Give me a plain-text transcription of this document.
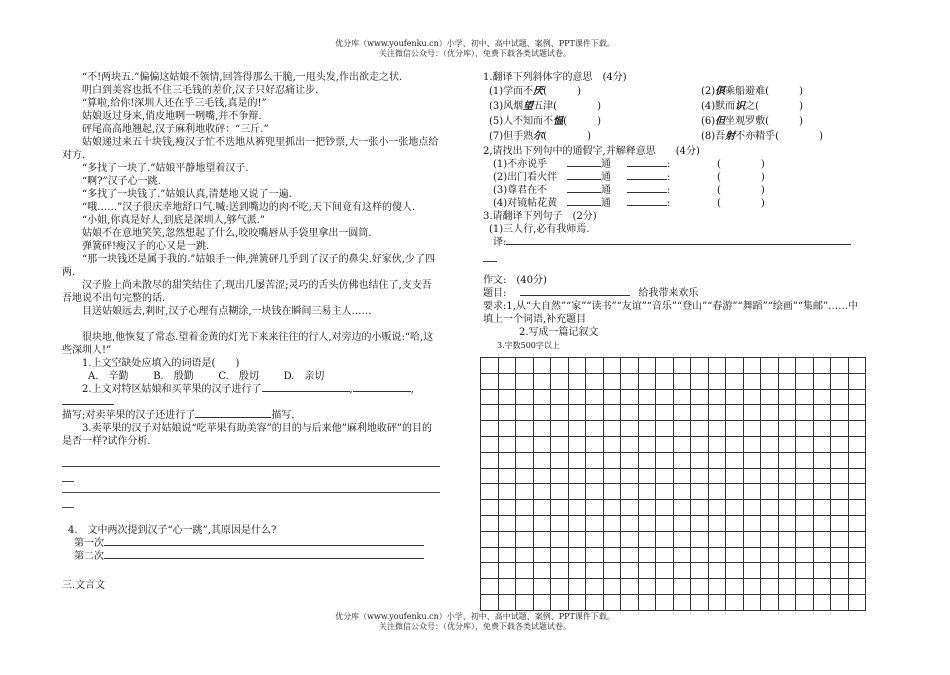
优分库（www.youfenku.cn）小学、初中、高中试题、案例、PPT课件下载。
关注微信公众号：（优分库），免费下载各类试题试卷。

“不!两块五.”偏偏这姑娘不领情,回答得那么干脆,一甩头发,作出欲走之状.

明白到美容也抵不住三毛钱的差价,汉子只好忍痛让步.

“算啦,给你!深圳人还在乎三毛钱,真是的!”

姑娘返过身来,俏皮地咧一咧嘴,并不争辩.

砰尾高高地翘起,汉子麻利地收砰：“三斤.”

姑娘递过来五十块钱,瘦汉子忙不迭地从裤兜里抓出一把钞票,大一张小一张地点给对方.

“多找了一块了.”姑娘平静地望着汉子.

“啊?”汉子心一跳.

“多找了一块钱了.”姑娘认真,清楚地又说了一遍.

“哦……”汉子很庆幸地舒口气.喊:送到嘴边的肉不吃,天下间竟有这样的傻人.

“小姐,你真是好人,到底是深圳人,够气派.”

姑娘不在意地笑笑,忽然想起了什么,咬咬嘴唇从手袋里拿出一圆筒.

弹簧砰!瘦汉子的心又是一跳.

“那一块钱还是属于我的.”姑娘手一伸,弹簧砰几乎到了汉子的鼻尖.好家伙,少了四两.

汉子脸上尚未散尽的甜笑结住了,现出几屡苦涩;灵巧的舌头仿佛也结住了,支支吾吾地说不出句完整的话.

目送姑娘远去,剎时,汉子心理有点糊涂,一块钱在瞬间三易主人……

很块地,他恢复了常态.望着金黄的灯光下来来往往的行人,对旁边的小贩说:“哈,这些深圳人!”

1.上文空缺处应填入的词语是(　　)

A.　辛勤 B.　殷勤 C.　殷切 D.　亲切

2.上文对特区姑娘和买苹果的汉子进行了	,	,

描写;对卖苹果的汉子还进行了	描写.

3.卖苹果的汉子对姑娘说“吃苹果有助美容”的目的与后来他”麻利地收砰”的目的是否一样?试作分析.

4.　文中两次提到汉子“心一跳”,其原因是什么?

第一次

第二次

三.文言文

1.翻译下列斜体字的意思　(4分)

(1)学而不厌(　　　)	(2)俱乘船避难(　　　)
(3)风烟望五津(　　　　)	(4)默而识之(　　　　)
(5)人不知而不愠(　　　)	(6)但坐观罗敷(　　　)
(7)但手熟尔(　　　　)	(8)吾射不亦精乎(　　　　)

2,请找出下列句中的通假字,并解释意思　　(4分)

(1)不亦说乎	通	:	(　　　　)
(2)出门看火伴	通	:	(　　　　)
(3)尊君在不	通	:	(　　　　)
(4)对镜帖花黄	通	:	(　　　　)

3.请翻译下列句子　(2分)

(1)三人行,必有我师焉.

译:

作文:　(40分)

题目:	给我带来欢乐

要求:1,从“大自然”“家”“读书”“友谊”“音乐”“登山”“春游”“舞蹈”“绘画”“集邮”……中填上一个词语,补充题目

2.写成一篇记叙文

3.字数500字以上

优分库（www.youfenku.cn）小学、初中、高中试题、案例、PPT课件下载。
关注微信公众号：（优分库），免费下载各类试题试卷。
